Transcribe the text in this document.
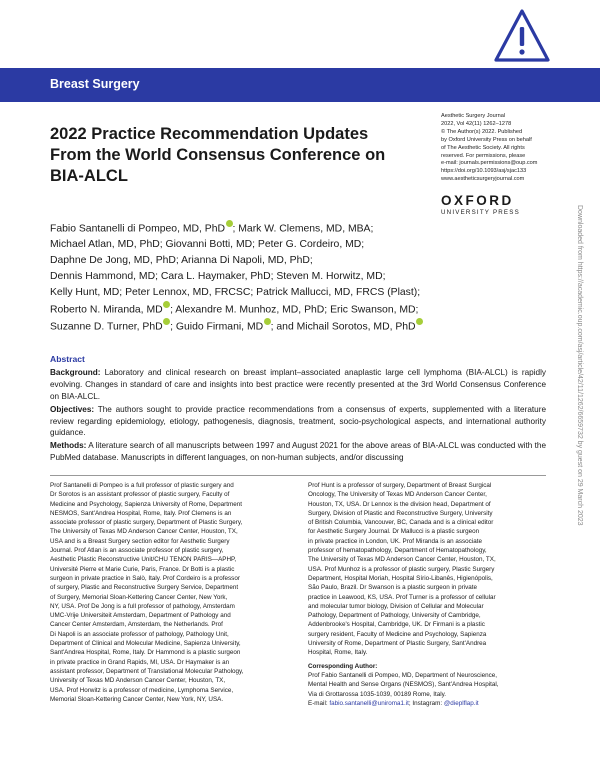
Breast Surgery
2022 Practice Recommendation Updates
From the World Consensus Conference on
BIA-ALCL
Aesthetic Surgery Journal
2022, Vol 42(11) 1262–1278
© The Author(s) 2022. Published
by Oxford University Press on behalf
of The Aesthetic Society. All rights
reserved. For permissions, please
e-mail: journals.permissions@oup.com
https://doi.org/10.1093/asj/sjac133
www.aestheticsurgeryjournal.com
OXFORD
UNIVERSITY PRESS
Fabio Santanelli di Pompeo, MD, PhD ; Mark W. Clemens, MD, MBA;
Michael Atlan, MD, PhD; Giovanni Botti, MD; Peter G. Cordeiro, MD;
Daphne De Jong, MD, PhD; Arianna Di Napoli, MD, PhD;
Dennis Hammond, MD; Cara L. Haymaker, PhD; Steven M. Horwitz, MD;
Kelly Hunt, MD; Peter Lennox, MD, FRCSC; Patrick Mallucci, MD, FRCS (Plast);
Roberto N. Miranda, MD ; Alexandre M. Munhoz, MD, PhD; Eric Swanson, MD;
Suzanne D. Turner, PhD ; Guido Firmani, MD ; and Michail Sorotos, MD, PhD	Downloaded from https://academic.oup.com/asj/article/42/11/1262/6659732 by guest on 29 March 2023
Abstract

Background: Laboratory and clinical research on breast implant–associated anaplastic large cell lymphoma (BIA-ALCL) is rapidly evolving. Changes in standard of care and insights into best practice were recently presented at the 3rd World Consensus Conference on BIA-ALCL.

Objectives: The authors sought to provide practice recommendations from a consensus of experts, supplemented with a literature review regarding epidemiology, etiology, pathogenesis, diagnosis, treatment, socio-psychological aspects, and international authority guidance.

Methods: A literature search of all manuscripts between 1997 and August 2021 for the above areas of BIA-ALCL was conducted with the PubMed database. Manuscripts in different languages, on non-human subjects, and/or discussing

Prof Santanelli di Pompeo is a full professor of plastic surgery and
Dr Sorotos is an assistant professor of plastic surgery, Faculty of
Medicine and Psychology, Sapienza University of Rome, Department
NESMOS, Sant'Andrea Hospital, Rome, Italy. Prof Clemens is an
associate professor of plastic surgery, Department of Plastic Surgery,
The University of Texas MD Anderson Cancer Center, Houston, TX,
USA and is a Breast Surgery section editor for Aesthetic Surgery
Journal. Prof Atlan is an associate professor of plastic surgery,
Aesthetic Plastic Reconstructive Unit/CHU TENON PARIS—APHP,
Université Pierre et Marie Curie, Paris, France. Dr Botti is a plastic
surgeon in private practice in Salò, Italy. Prof Cordeiro is a professor
of surgery, Plastic and Reconstructive Surgery Service, Department
of Surgery, Memorial Sloan-Kettering Cancer Center, New York,
NY, USA. Prof De Jong is a full professor of pathology, Amsterdam
UMC-Vrije Universiteit Amsterdam, Department of Pathology and
Cancer Center Amsterdam, Amsterdam, the Netherlands. Prof
Di Napoli is an associate professor of pathology, Pathology Unit,
Department of Clinical and Molecular Medicine, Sapienza University,
Sant'Andrea Hospital, Rome, Italy. Dr Hammond is a plastic surgeon
in private practice in Grand Rapids, MI, USA. Dr Haymaker is an
assistant professor, Department of Translational Molecular Pathology,
University of Texas MD Anderson Cancer Center, Houston, TX,
USA. Prof Horwitz is a professor of medicine, Lymphoma Service,
Memorial Sloan-Kettering Cancer Center, New York, NY, USA.
Prof Hunt is a professor of surgery, Department of Breast Surgical
Oncology, The University of Texas MD Anderson Cancer Center,
Houston, TX, USA. Dr Lennox is the division head, Department of
Surgery, Division of Plastic and Reconstructive Surgery, University
of British Columbia, Vancouver, BC, Canada and is a clinical editor
for Aesthetic Surgery Journal. Dr Mallucci is a plastic surgeon
in private practice in London, UK. Prof Miranda is an associate
professor of hematopathology, Department of Hematopathology,
The University of Texas MD Anderson Cancer Center, Houston, TX,
USA. Prof Munhoz is a professor of plastic surgery, Plastic Surgery
Department, Hospital Moriah, Hospital Sírio-Libanês, Higienópolis,
São Paulo, Brazil. Dr Swanson is a plastic surgeon in private
practice in Leawood, KS, USA. Prof Turner is a professor of cellular
and molecular tumor biology, Division of Cellular and Molecular
Pathology, Department of Pathology, University of Cambridge,
Addenbrooke's Hospital, Cambridge, UK. Dr Firmani is a plastic
surgery resident, Faculty of Medicine and Psychology, Sapienza
University of Rome, Department of Plastic Surgery, Sant'Andrea
Hospital, Rome, Italy.
Corresponding Author:
Prof Fabio Santanelli di Pompeo, MD, Department of Neuroscience,
Mental Health and Sense Organs (NESMOS), Sant'Andrea Hospital,
Via di Grottarossa 1035-1039, 00189 Rome, Italy.
E-mail: fabio.santanelli@uniroma1.it; Instagram: @dieplflap.it
